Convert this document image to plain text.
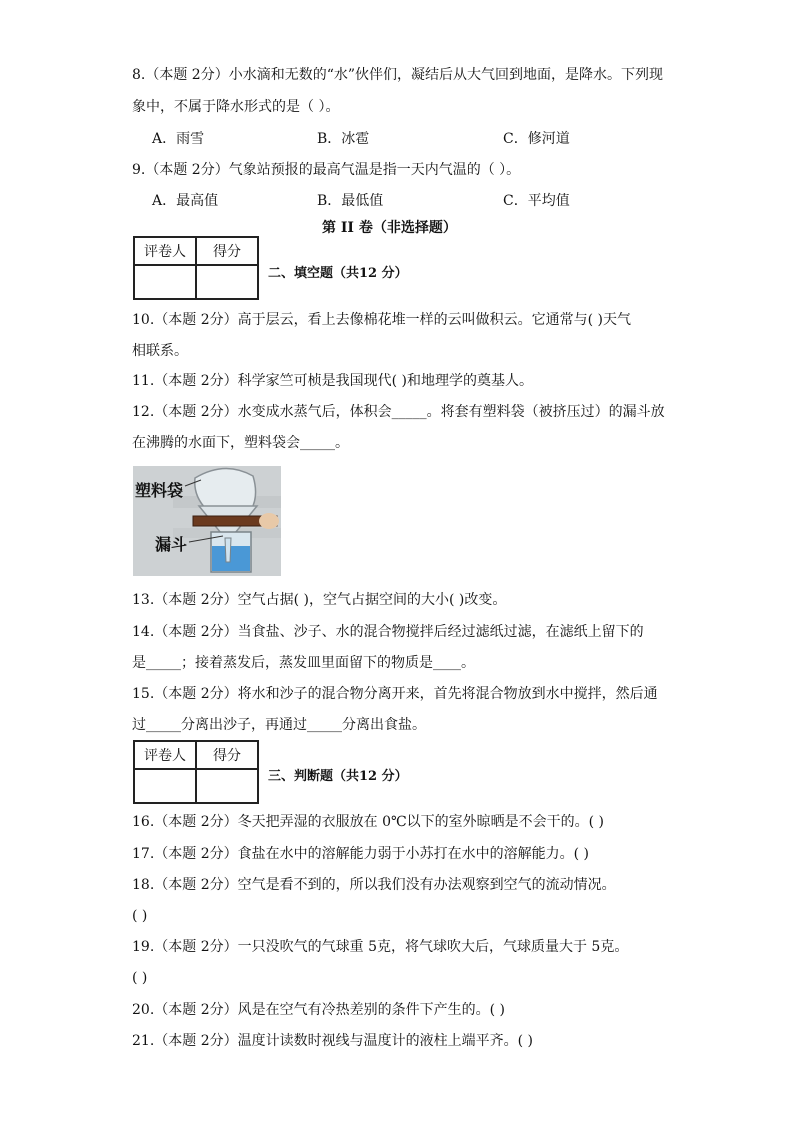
8.（本题 2分）小水滴和无数的“水”伙伴们，凝结后从大气回到地面，是降水。下列现
象中，不属于降水形式的是（ ）。
A．雨雪	B．冰雹	C．修河道
9.（本题 2分）气象站预报的最高气温是指一天内气温的（ ）。
A．最高值	B．最低值	C．平均值
第 II 卷（非选择题）
评卷人	得分

二、填空题（共12 分）
10.（本题 2分）高于层云，看上去像棉花堆一样的云叫做积云。它通常与( )天气
相联系。
11.（本题 2分）科学家竺可桢是我国现代( )和地理学的奠基人。
12.（本题 2分）水变成水蒸气后，体积会_____。将套有塑料袋（被挤压过）的漏斗放
在沸腾的水面下，塑料袋会_____。
塑料袋
漏斗
13.（本题 2分）空气占据( )，空气占据空间的大小( )改变。
14.（本题 2分）当食盐、沙子、水的混合物搅拌后经过滤纸过滤，在滤纸上留下的
是_____；接着蒸发后，蒸发皿里面留下的物质是____。
15.（本题 2分）将水和沙子的混合物分离开来，首先将混合物放到水中搅拌，然后通
过_____分离出沙子，再通过_____分离出食盐。
评卷人	得分

三、判断题（共12 分）
16.（本题 2分）冬天把弄湿的衣服放在 0℃以下的室外晾晒是不会干的。( )
17.（本题 2分）食盐在水中的溶解能力弱于小苏打在水中的溶解能力。( )
18.（本题 2分）空气是看不到的，所以我们没有办法观察到空气的流动情况。
( )
19.（本题 2分）一只没吹气的气球重 5克，将气球吹大后，气球质量大于 5克。
( )
20.（本题 2分）风是在空气有冷热差别的条件下产生的。( )
21.（本题 2分）温度计读数时视线与温度计的液柱上端平齐。( )
